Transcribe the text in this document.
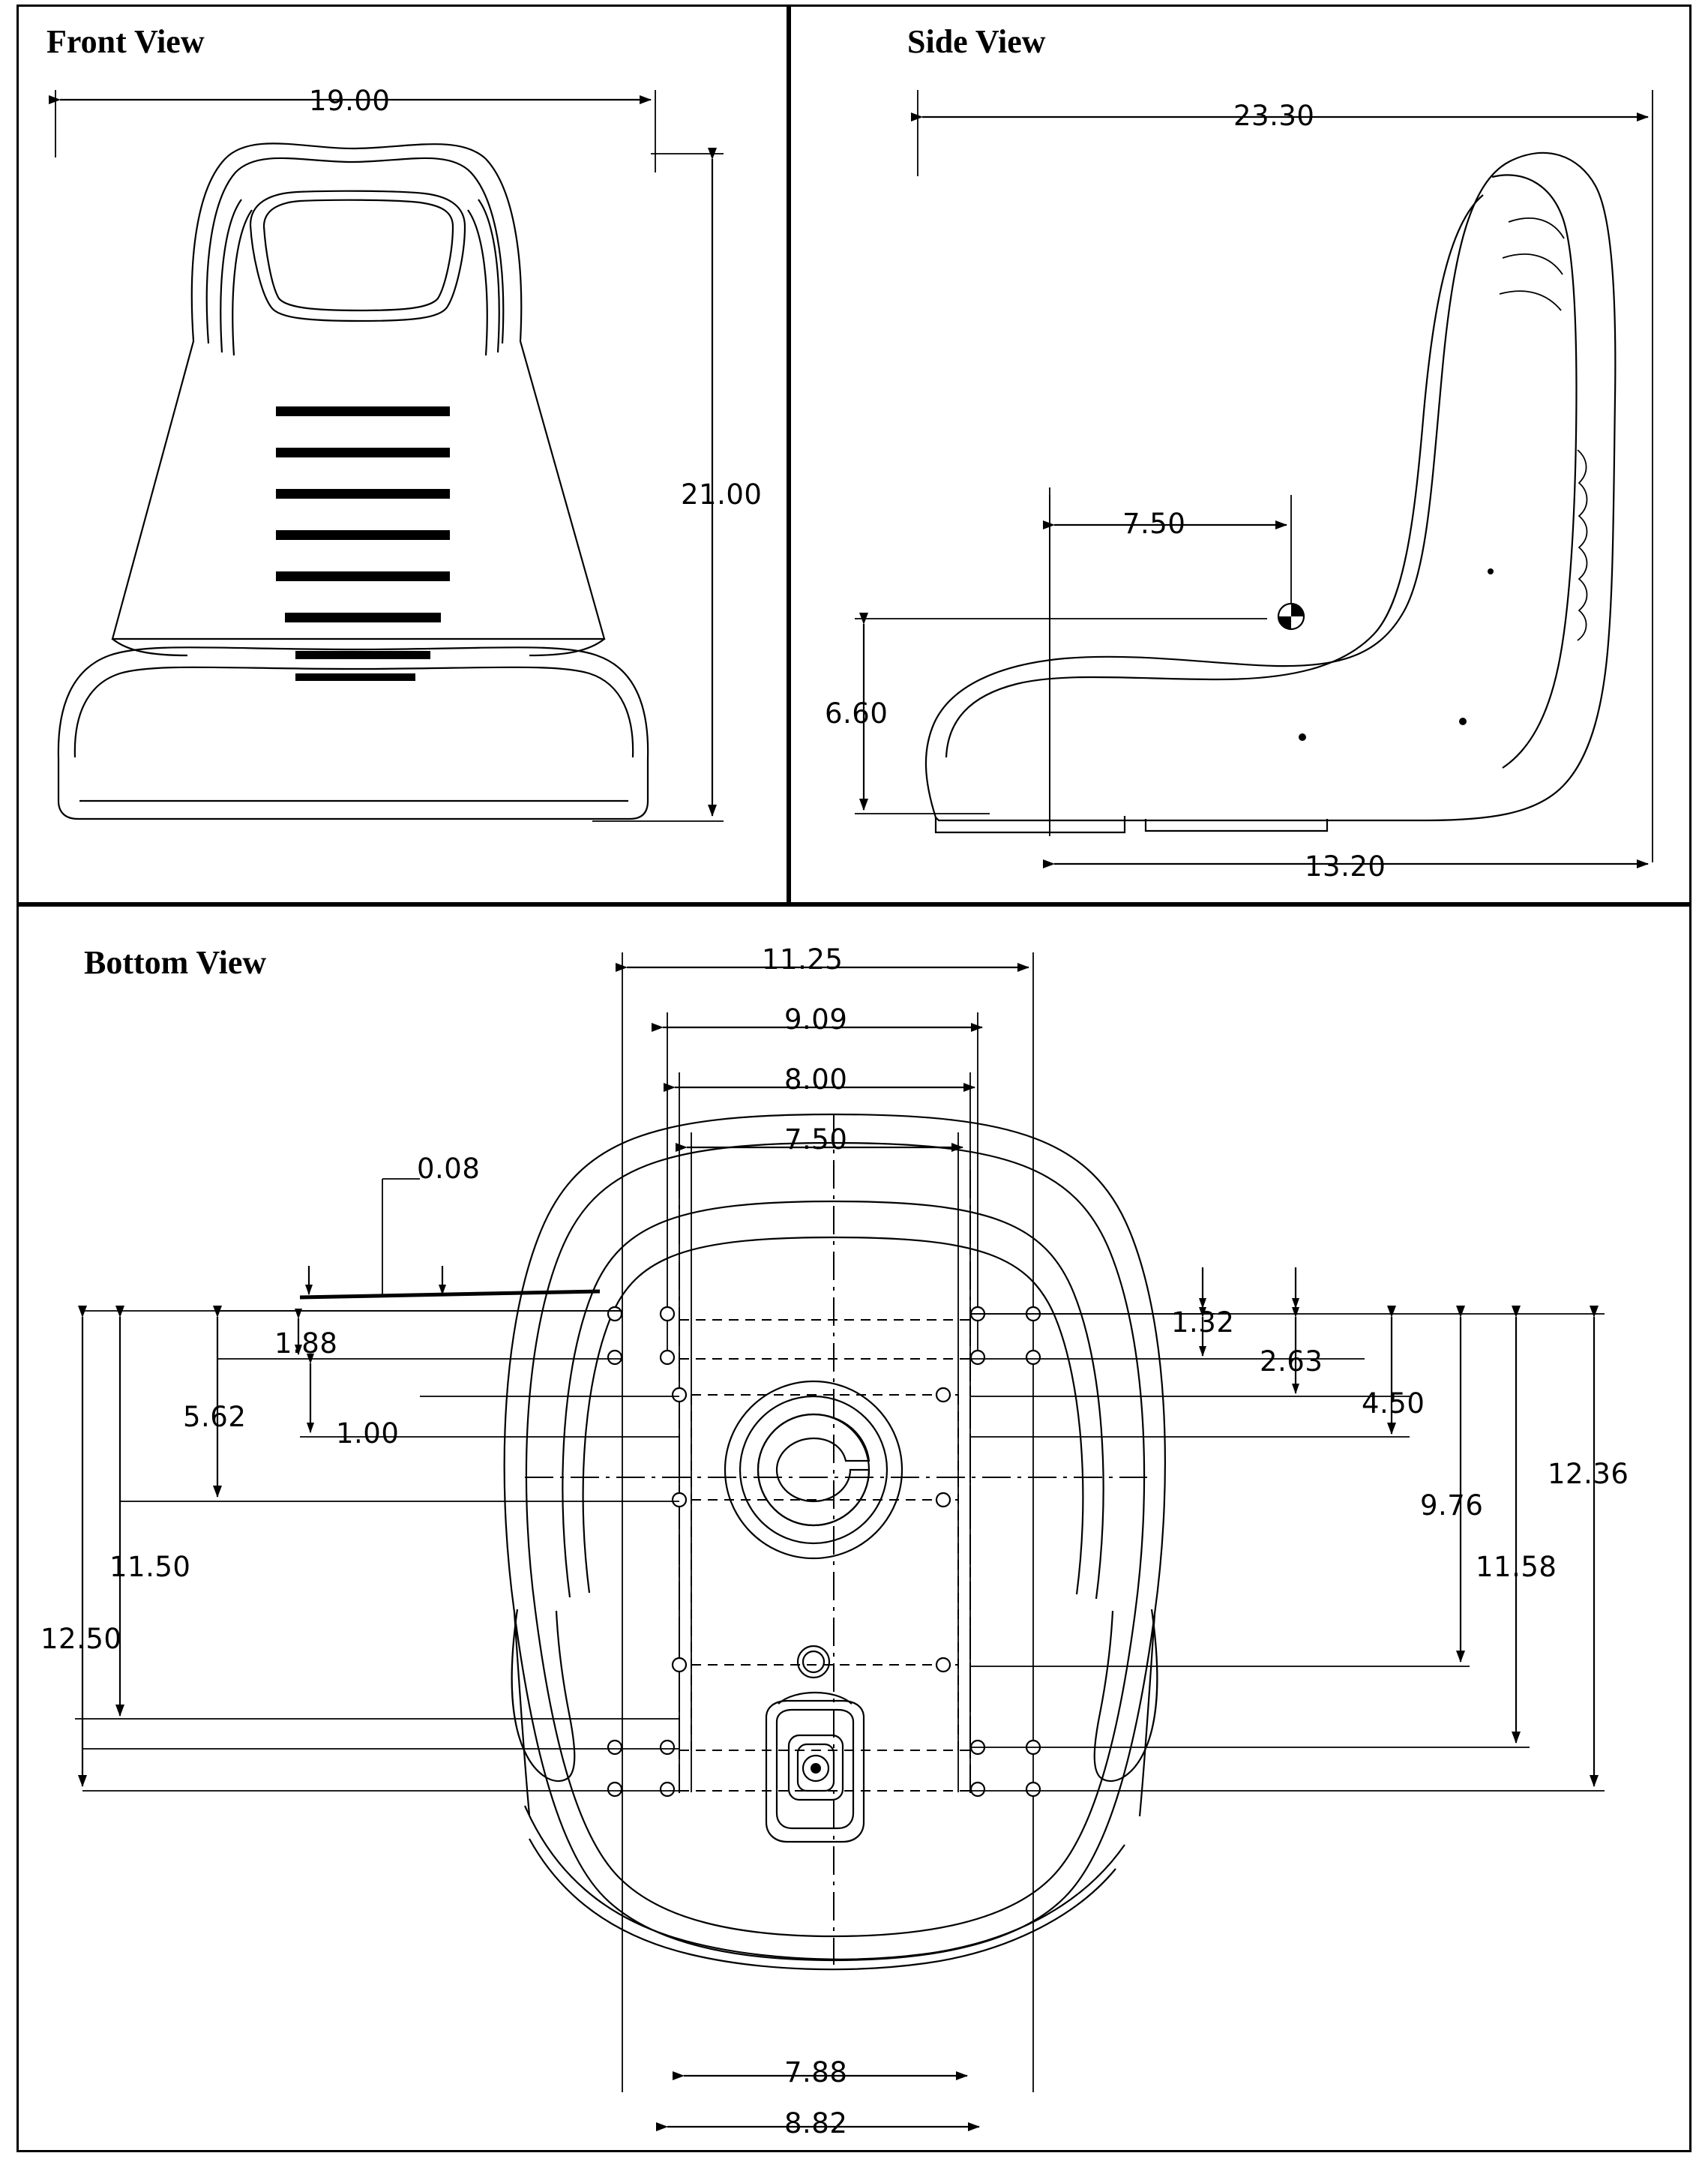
Front View	Side View
Bottom View
19.00
21.00
23.30
7.50
6.60
13.20
11.25
9.09
8.00
7.50
0.08
1.88
5.62
1.00
11.50
12.50
1.32
2.63
4.50
9.76
11.58
12.36
7.88
8.82
